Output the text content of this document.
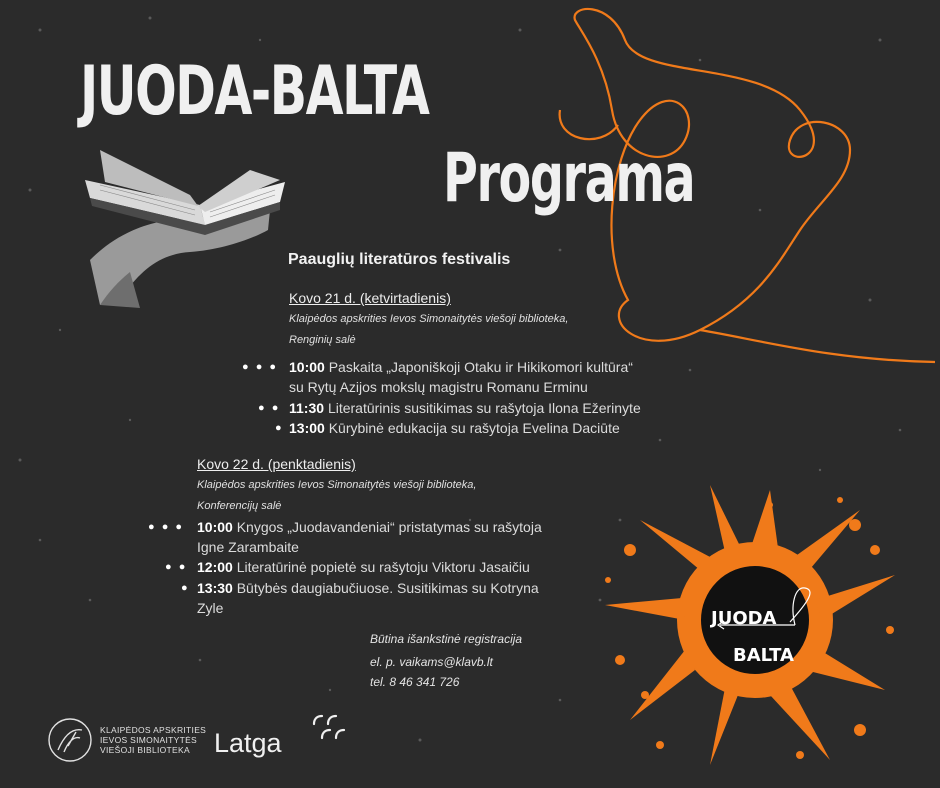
JUODA-BALTA
Programa
Paauglių literatūros festivalis
Kovo 21 d. (ketvirtadienis)
Klaipėdos apskrities Ievos Simonaitytės viešoji biblioteka,
Renginių salė
● ● ● 10:00 Paskaita „Japoniškoji Otaku ir Hikikomori kultūra“
su Rytų Azijos mokslų magistru Romanu Erminu
● ● 11:30 Literatūrinis susitikimas su rašytoja Ilona Ežerinyte
● 13:00 Kūrybinė edukacija su rašytoja Evelina Daciūte
Kovo 22 d. (penktadienis)
Klaipėdos apskrities Ievos Simonaitytės viešoji biblioteka,
Konferencijų salė
● ● ● 10:00 Knygos „Juodavandeniai“ pristatymas su rašytoja
Igne Zarambaite
● ● 12:00 Literatūrinė popietė su rašytoju Viktoru Jasaičiu
● 13:30 Būtybės daugiabučiuose. Susitikimas su Kotryna
Zyle
Būtina išankstinė registracija
el. p. vaikams@klavb.lt
tel. 8 46 341 726
KLAIPĖDOS APSKRITIES
IEVOS SIMONAITYTĖS
VIEŠOJI BIBLIOTEKA Latga
JUODA
BALTA
